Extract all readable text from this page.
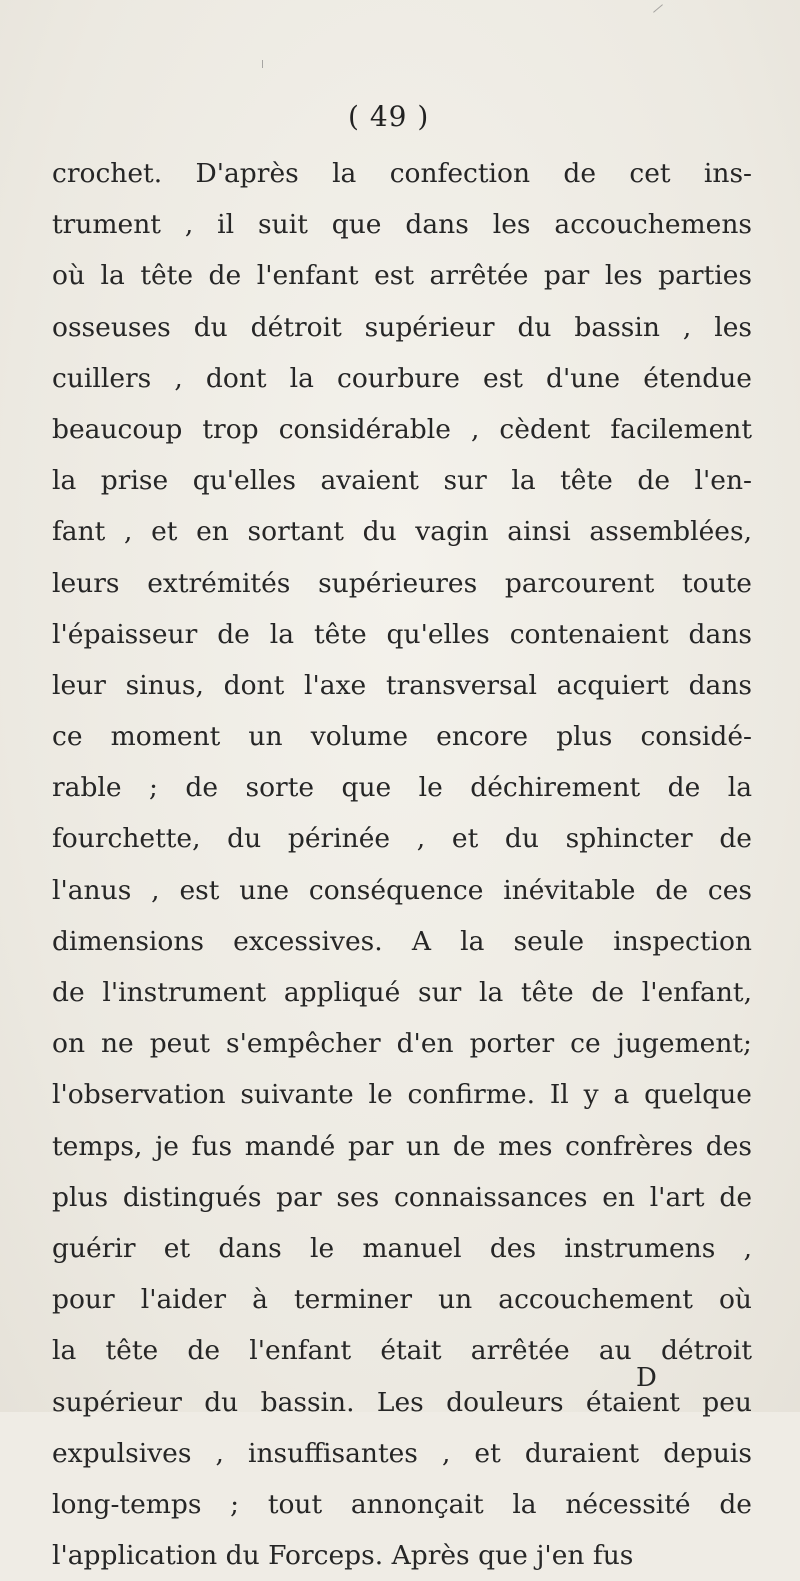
( 49 )
crochet. D'après la confection de cet ins-
trument , il suit que dans les accouchemens
où la tête de l'enfant est arrêtée par les parties
osseuses du détroit supérieur du bassin , les
cuillers , dont la courbure est d'une étendue
beaucoup trop considérable , cèdent facilement
la prise qu'elles avaient sur la tête de l'en-
fant , et en sortant du vagin ainsi assemblées,
leurs extrémités supérieures parcourent toute
l'épaisseur de la tête qu'elles contenaient dans
leur sinus, dont l'axe transversal acquiert dans
ce moment un volume encore plus considé-
rable ; de sorte que le déchirement de la
fourchette, du périnée , et du sphincter de
l'anus , est une conséquence inévitable de ces
dimensions excessives. A la seule inspection
de l'instrument appliqué sur la tête de l'enfant,
on ne peut s'empêcher d'en porter ce jugement;
l'observation suivante le confirme. Il y a quelque
temps, je fus mandé par un de mes confrères des
plus distingués par ses connaissances en l'art de
guérir et dans le manuel des instrumens ,
pour l'aider à terminer un accouchement où
la tête de l'enfant était arrêtée au détroit
supérieur du bassin. Les douleurs étaient peu
expulsives , insuffisantes , et duraient depuis
long-temps ; tout annonçait la nécessité de
l'application du Forceps. Après que j'en fus
D
